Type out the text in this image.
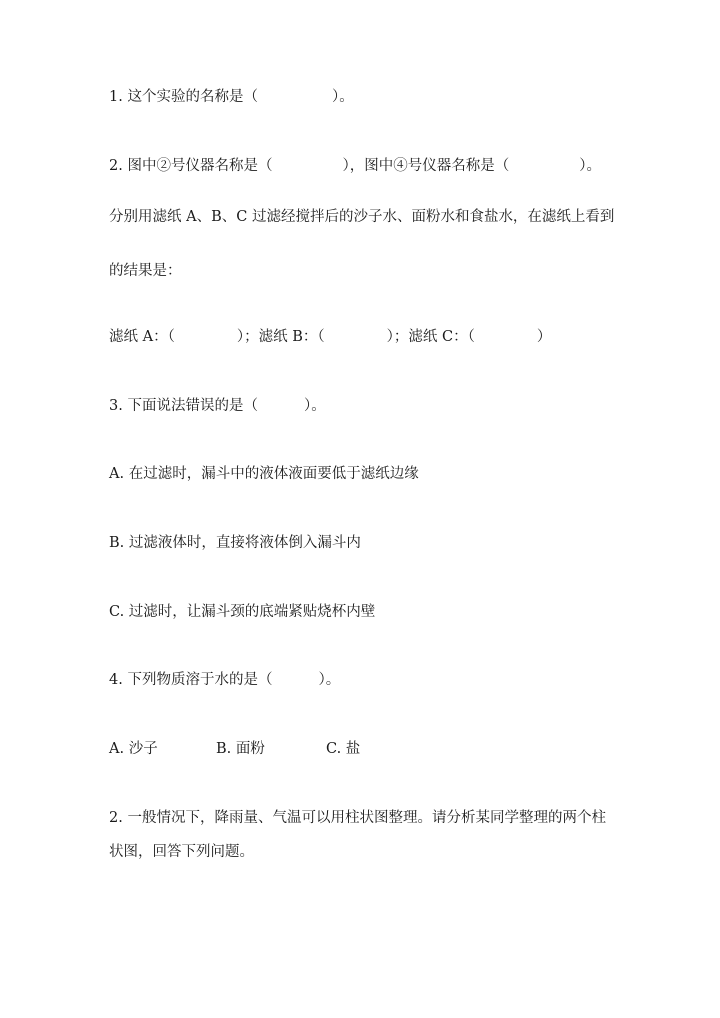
1. 这个实验的名称是（	）。

2. 图中②号仪器名称是（	），图中④号仪器名称是（	）。

分别用滤纸 A、B、C 过滤经搅拌后的沙子水、面粉水和食盐水，在滤纸上看到

的结果是：

滤纸 A：（	）；滤纸 B：（	）；滤纸 C：（	）

3. 下面说法错误的是（	）。

A. 在过滤时，漏斗中的液体液面要低于滤纸边缘

B. 过滤液体时，直接将液体倒入漏斗内

C. 过滤时，让漏斗颈的底端紧贴烧杯内壁

4. 下列物质溶于水的是（	）。

A. 沙子	B. 面粉	C. 盐

2. 一般情况下，降雨量、气温可以用柱状图整理。请分析某同学整理的两个柱

状图，回答下列问题。
